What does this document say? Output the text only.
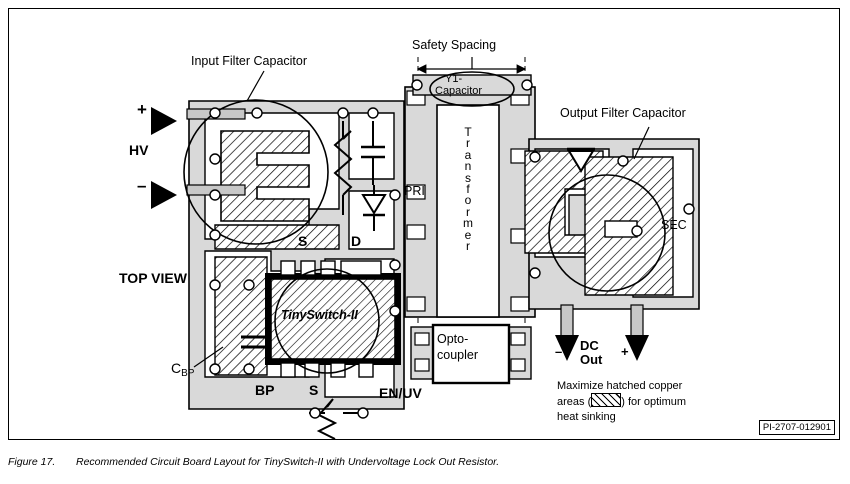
Input Filter Capacitor
Safety Spacing
Y1-
Capacitor
Output Filter Capacitor
+
–
HV
PRI
SEC
T
r
a
n
s
f
o
r
m
e
r
Opto-
coupler
TOP VIEW
TinySwitch-II
S	D
BP S	EN/UV
$C_{BP}$
– DC
Out
+
Maximize hatched copper
areas (	) for optimum
heat sinking
PI-2707-012901
Figure 17. Recommended Circuit Board Layout for TinySwitch-II with Undervoltage Lock Out Resistor.
